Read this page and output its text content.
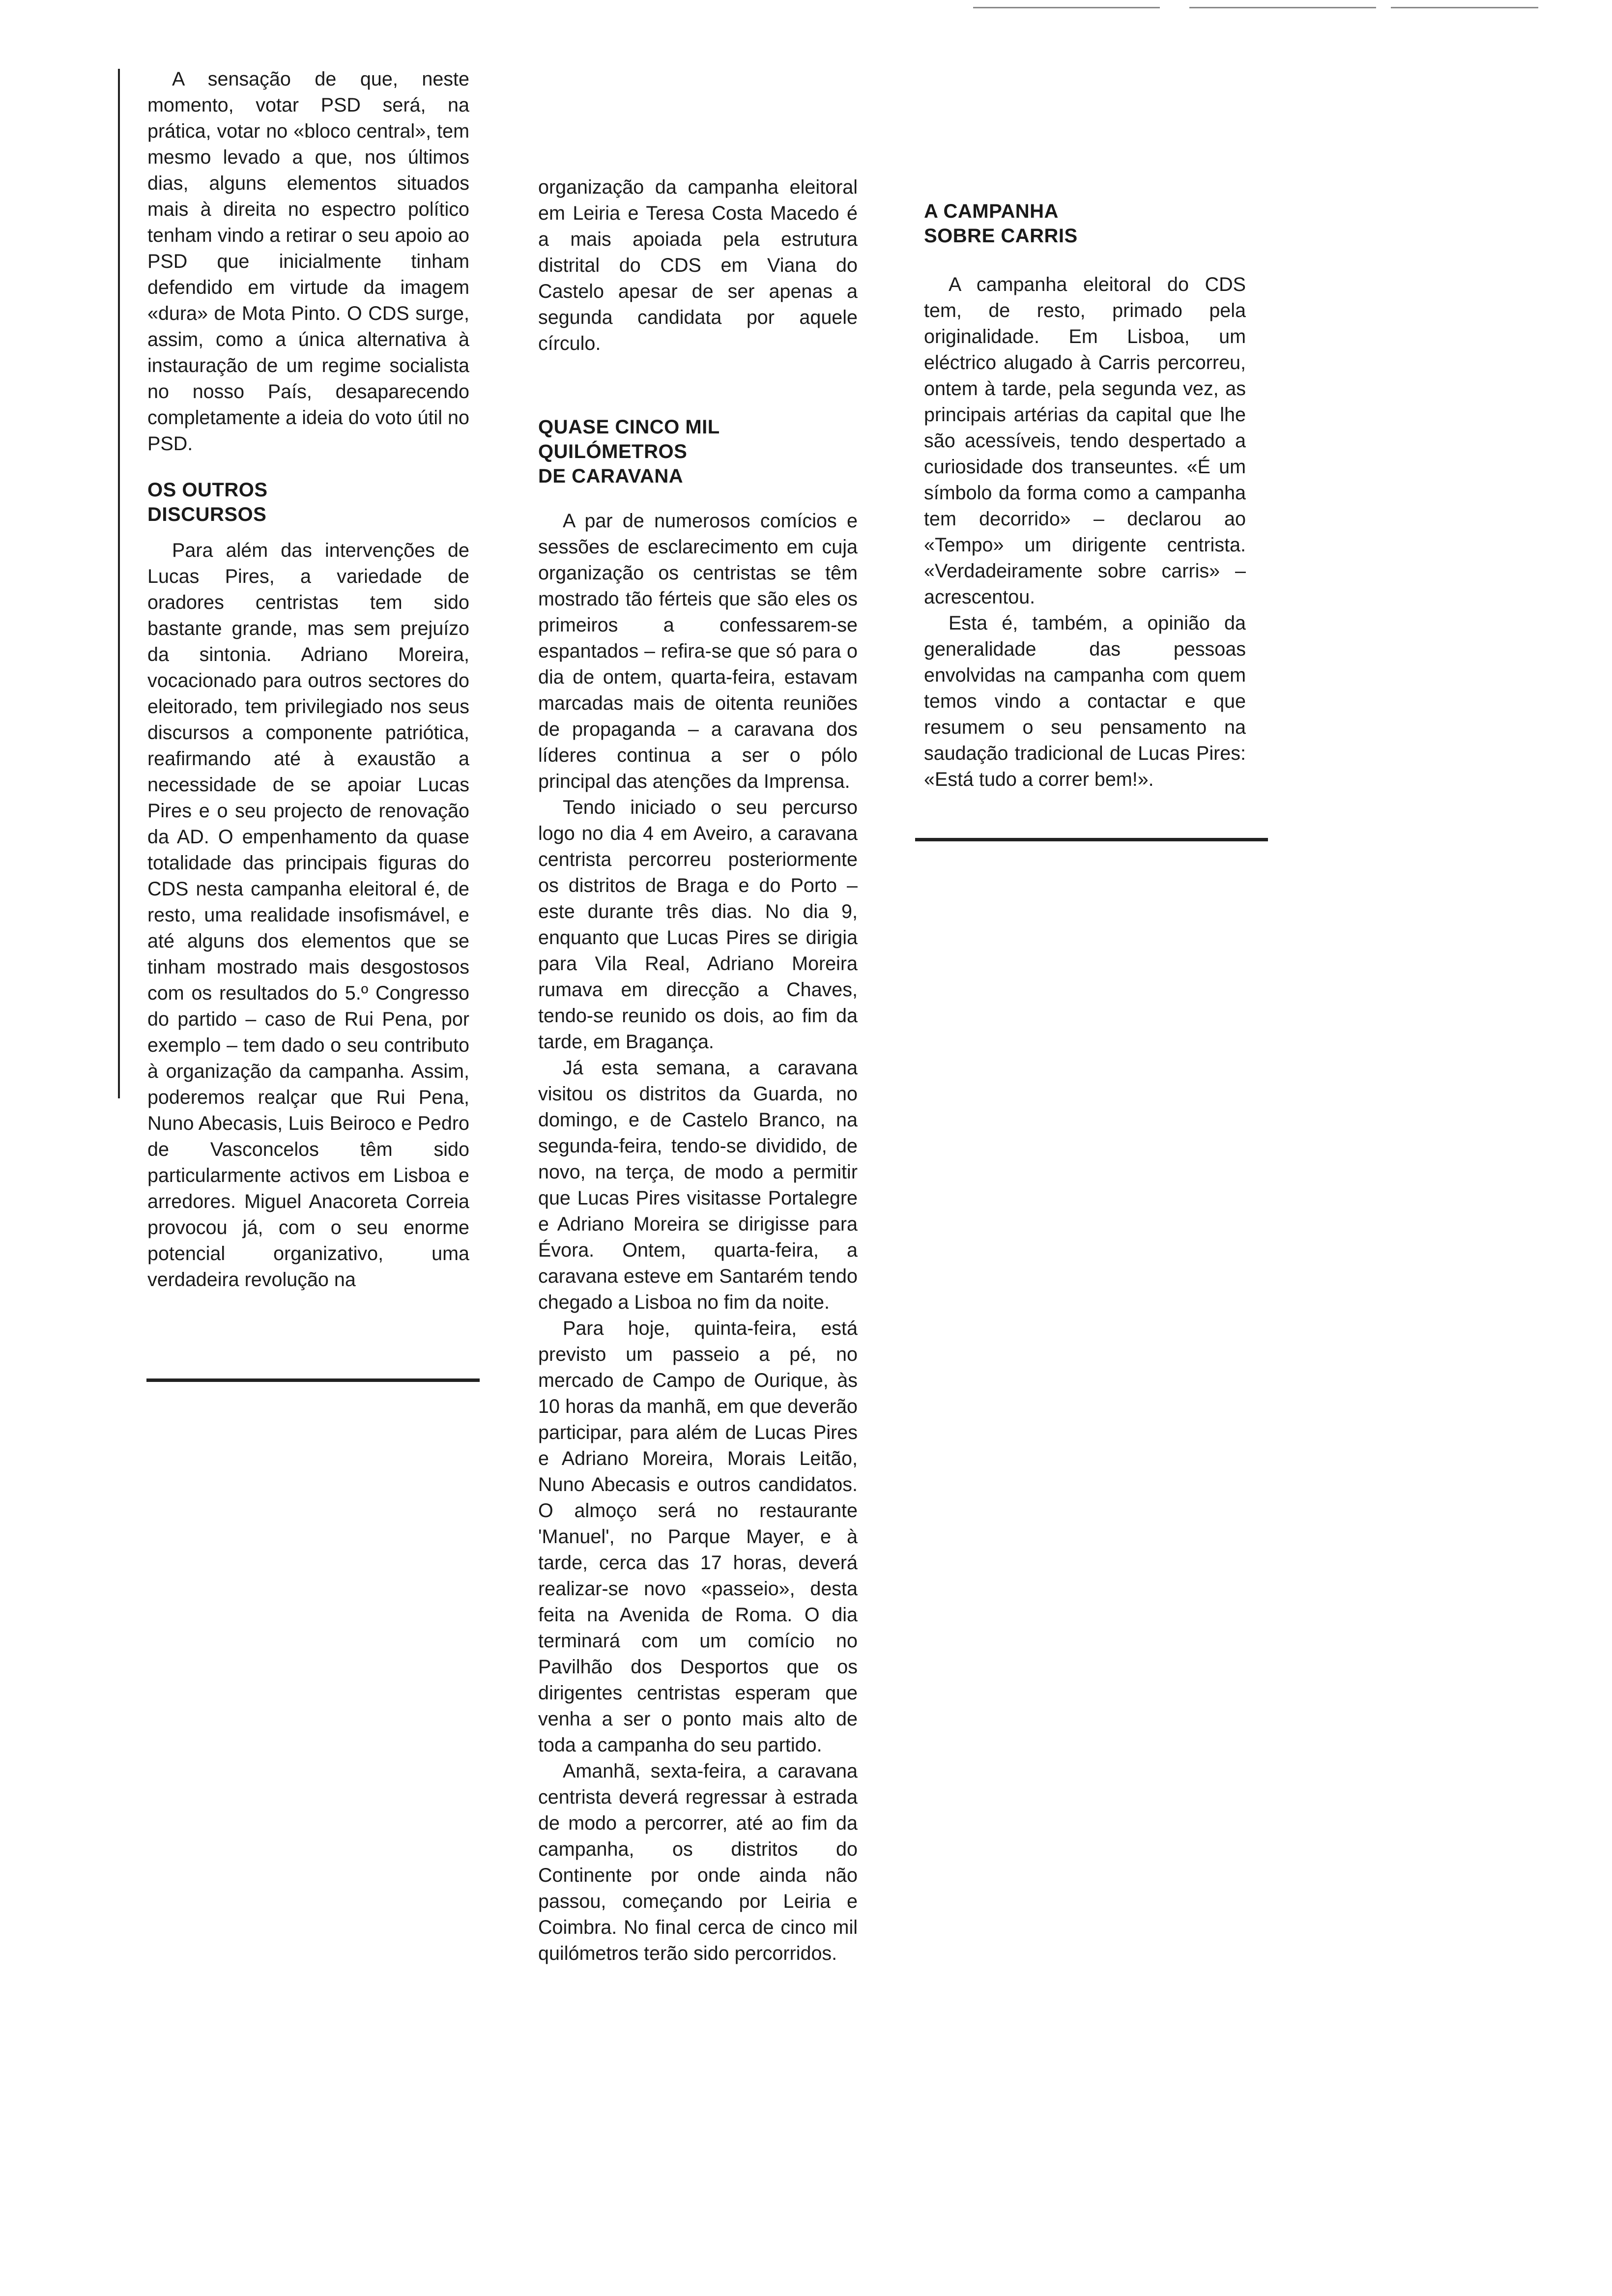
A sensação de que, neste momento, votar PSD será, na prática, votar no «bloco central», tem mesmo levado a que, nos últimos dias, alguns elementos situados mais à direita no espectro político tenham vindo a retirar o seu apoio ao PSD que inicialmente tinham defendido em virtude da imagem «dura» de Mota Pinto. O CDS surge, assim, como a única alternativa à instauração de um regime socialista no nosso País, desaparecendo completamente a ideia do voto útil no PSD.

OS OUTROS
DISCURSOS

Para além das intervenções de Lucas Pires, a variedade de oradores centristas tem sido bastante grande, mas sem prejuízo da sintonia. Adriano Moreira, vocacionado para outros sectores do eleitorado, tem privilegiado nos seus discursos a componente patriótica, reafirmando até à exaustão a necessidade de se apoiar Lucas Pires e o seu projecto de renovação da AD. O empenhamento da quase totalidade das principais figuras do CDS nesta campanha eleitoral é, de resto, uma realidade insofismável, e até alguns dos elementos que se tinham mostrado mais desgostosos com os resultados do 5.º Congresso do partido – caso de Rui Pena, por exemplo – tem dado o seu contributo à organização da campanha. Assim, poderemos realçar que Rui Pena, Nuno Abecasis, Luis Beiroco e Pedro de Vasconcelos têm sido particularmente activos em Lisboa e arredores. Miguel Anacoreta Correia provocou já, com o seu enorme potencial organizativo, uma verdadeira revolução na

organização da campanha eleitoral em Leiria e Teresa Costa Macedo é a mais apoiada pela estrutura distrital do CDS em Viana do Castelo apesar de ser apenas a segunda candidata por aquele círculo.

QUASE CINCO MIL
QUILÓMETROS
DE CARAVANA

A par de numerosos comícios e sessões de esclarecimento em cuja organização os centristas se têm mostrado tão férteis que são eles os primeiros a confessarem-se espantados – refira-se que só para o dia de ontem, quarta-feira, estavam marcadas mais de oitenta reuniões de propaganda – a caravana dos líderes continua a ser o pólo principal das atenções da Imprensa.

Tendo iniciado o seu percurso logo no dia 4 em Aveiro, a caravana centrista percorreu posteriormente os distritos de Braga e do Porto – este durante três dias. No dia 9, enquanto que Lucas Pires se dirigia para Vila Real, Adriano Moreira rumava em direcção a Chaves, tendo-se reunido os dois, ao fim da tarde, em Bragança.

Já esta semana, a caravana visitou os distritos da Guarda, no domingo, e de Castelo Branco, na segunda-feira, tendo-se dividido, de novo, na terça, de modo a permitir que Lucas Pires visitasse Portalegre e Adriano Moreira se dirigisse para Évora. Ontem, quarta-feira, a caravana esteve em Santarém tendo chegado a Lisboa no fim da noite.

Para hoje, quinta-feira, está previsto um passeio a pé, no mercado de Campo de Ourique, às 10 horas da manhã, em que deverão participar, para além de Lucas Pires e Adriano Moreira, Morais Leitão, Nuno Abecasis e outros candidatos. O almoço será no restaurante 'Manuel', no Parque Mayer, e à tarde, cerca das 17 horas, deverá realizar-se novo «passeio», desta feita na Avenida de Roma. O dia terminará com um comício no Pavilhão dos Desportos que os dirigentes centristas esperam que venha a ser o ponto mais alto de toda a campanha do seu partido.

Amanhã, sexta-feira, a caravana centrista deverá regressar à estrada de modo a percorrer, até ao fim da campanha, os distritos do Continente por onde ainda não passou, começando por Leiria e Coimbra. No final cerca de cinco mil quilómetros terão sido percorridos.

A CAMPANHA
SOBRE CARRIS

A campanha eleitoral do CDS tem, de resto, primado pela originalidade. Em Lisboa, um eléctrico alugado à Carris percorreu, ontem à tarde, pela segunda vez, as principais artérias da capital que lhe são acessíveis, tendo despertado a curiosidade dos transeuntes. «É um símbolo da forma como a campanha tem decorrido» – declarou ao «Tempo» um dirigente centrista. «Verdadeiramente sobre carris» – acrescentou.

Esta é, também, a opinião da generalidade das pessoas envolvidas na campanha com quem temos vindo a contactar e que resumem o seu pensamento na saudação tradicional de Lucas Pires: «Está tudo a correr bem!».
